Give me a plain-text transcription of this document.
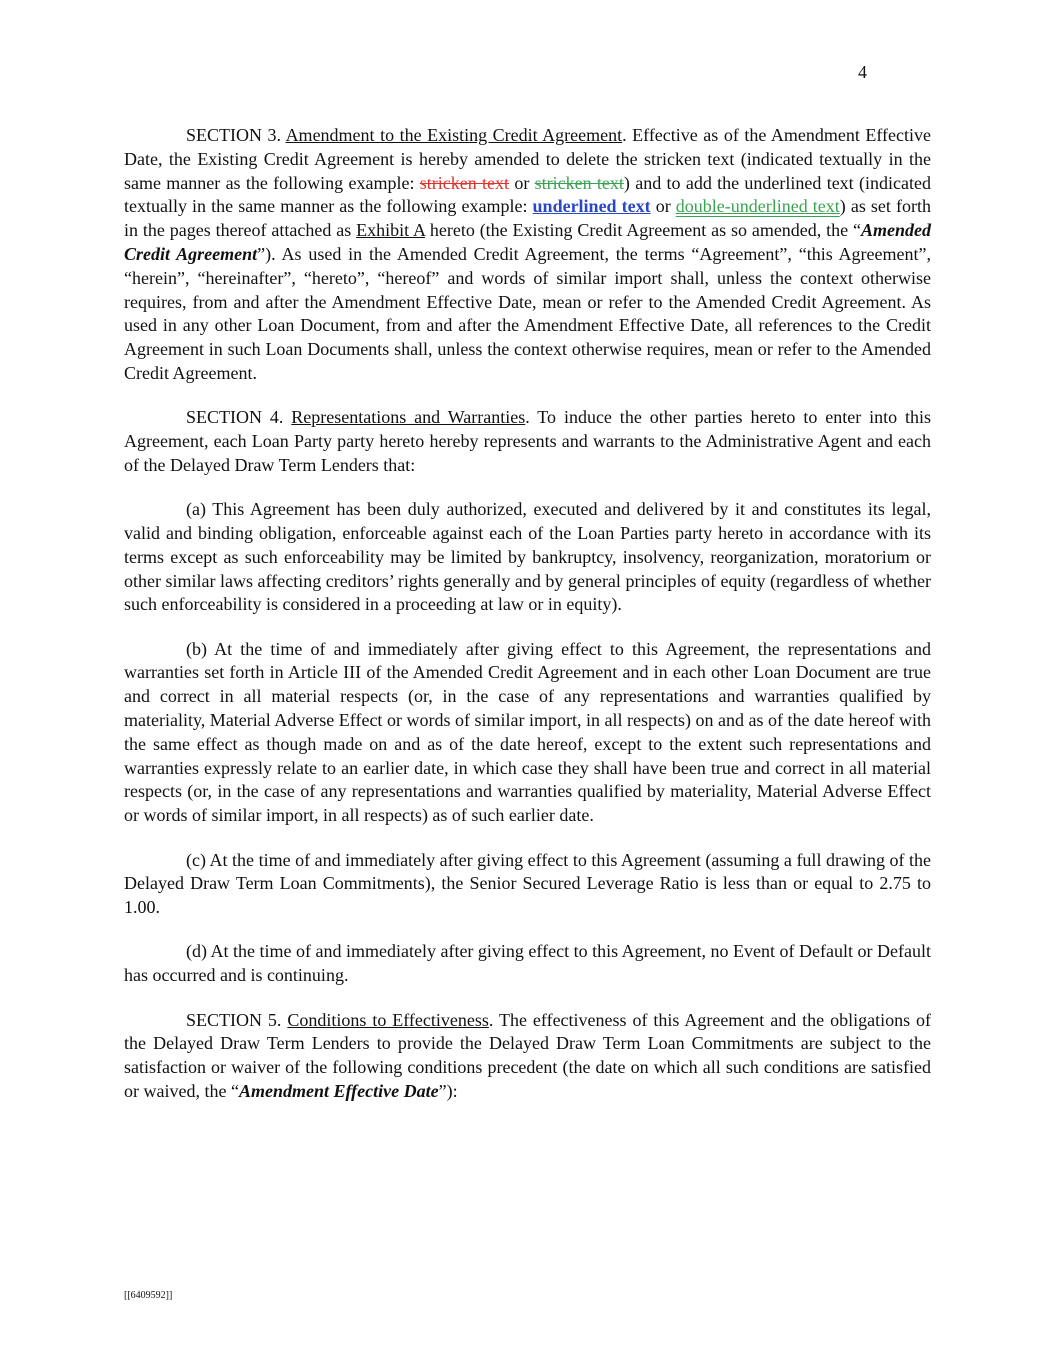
4

SECTION 3. Amendment to the Existing Credit Agreement. Effective as of the Amendment Effective Date, the Existing Credit Agreement is hereby amended to delete the stricken text (indicated textually in the same manner as the following example: stricken text or stricken text) and to add the underlined text (indicated textually in the same manner as the following example: underlined text or double-underlined text) as set forth in the pages thereof attached as Exhibit A hereto (the Existing Credit Agreement as so amended, the “Amended Credit Agreement”). As used in the Amended Credit Agreement, the terms “Agreement”, “this Agreement”, “herein”, “hereinafter”, “hereto”, “hereof” and words of similar import shall, unless the context otherwise requires, from and after the Amendment Effective Date, mean or refer to the Amended Credit Agreement. As used in any other Loan Document, from and after the Amendment Effective Date, all references to the Credit Agreement in such Loan Documents shall, unless the context otherwise requires, mean or refer to the Amended Credit Agreement.

SECTION 4. Representations and Warranties. To induce the other parties hereto to enter into this Agreement, each Loan Party party hereto hereby represents and warrants to the Administrative Agent and each of the Delayed Draw Term Lenders that:

(a) This Agreement has been duly authorized, executed and delivered by it and constitutes its legal, valid and binding obligation, enforceable against each of the Loan Parties party hereto in accordance with its terms except as such enforceability may be limited by bankruptcy, insolvency, reorganization, moratorium or other similar laws affecting creditors’ rights generally and by general principles of equity (regardless of whether such enforceability is considered in a proceeding at law or in equity).

(b) At the time of and immediately after giving effect to this Agreement, the representations and warranties set forth in Article III of the Amended Credit Agreement and in each other Loan Document are true and correct in all material respects (or, in the case of any representations and warranties qualified by materiality, Material Adverse Effect or words of similar import, in all respects) on and as of the date hereof with the same effect as though made on and as of the date hereof, except to the extent such representations and warranties expressly relate to an earlier date, in which case they shall have been true and correct in all material respects (or, in the case of any representations and warranties qualified by materiality, Material Adverse Effect or words of similar import, in all respects) as of such earlier date.

(c) At the time of and immediately after giving effect to this Agreement (assuming a full drawing of the Delayed Draw Term Loan Commitments), the Senior Secured Leverage Ratio is less than or equal to 2.75 to 1.00.

(d) At the time of and immediately after giving effect to this Agreement, no Event of Default or Default has occurred and is continuing.

SECTION 5. Conditions to Effectiveness. The effectiveness of this Agreement and the obligations of the Delayed Draw Term Lenders to provide the Delayed Draw Term Loan Commitments are subject to the satisfaction or waiver of the following conditions precedent (the date on which all such conditions are satisfied or waived, the “Amendment Effective Date”):

[[6409592]]
